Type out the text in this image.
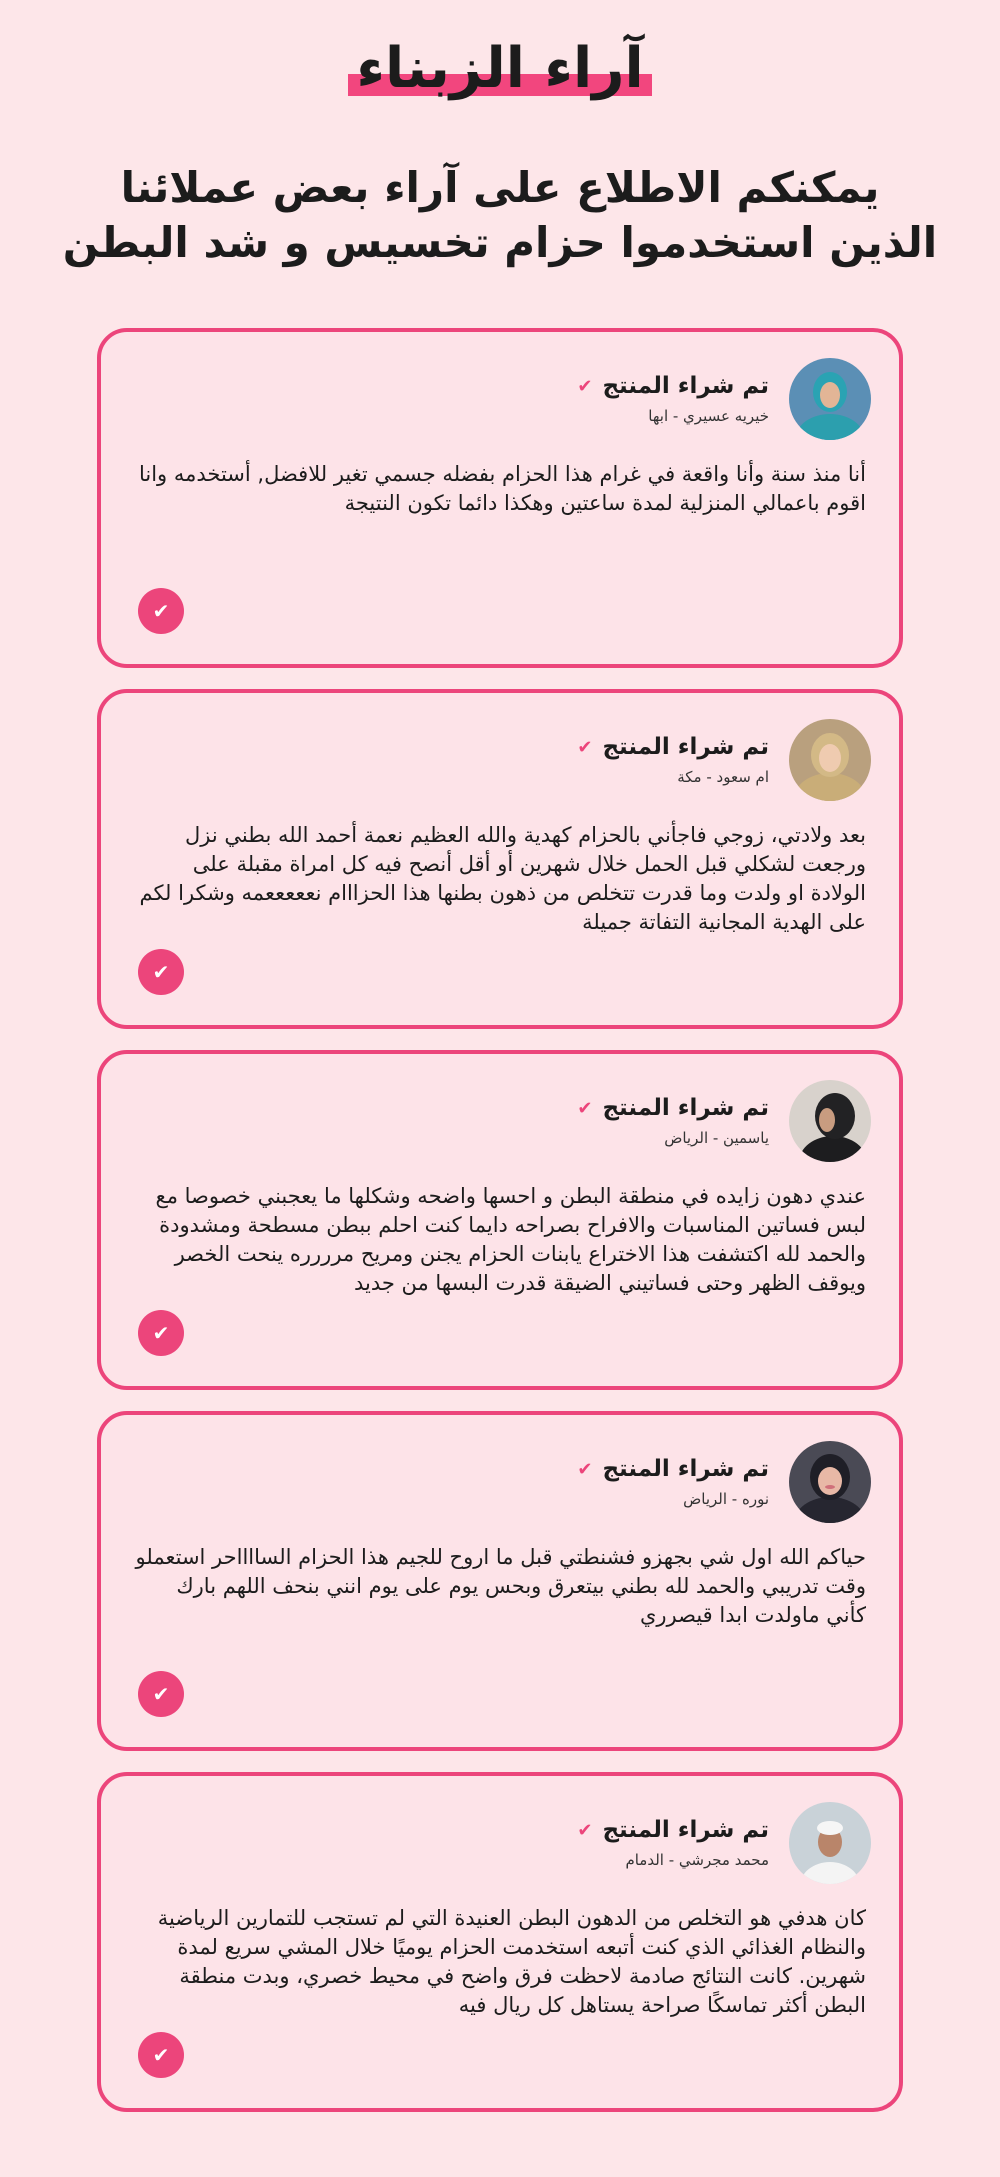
آراء الزبناء
يمكنكم الاطلاع على آراء بعض عملائنا الذين استخدموا حزام تخسيس و شد البطن
تم شراء المنتج
✔
خيريه عسيري - ابها

أنا منذ سنة وأنا واقعة في غرام هذا الحزام بفضله جسمي تغير للافضل, أستخدمه وانا اقوم باعمالي المنزلية لمدة ساعتين وهكذا دائما تكون النتيجة

✔
تم شراء المنتج
✔
ام سعود - مكة

بعد ولادتي، زوجي فاجأني بالحزام كهدية والله العظيم نعمة أحمد الله بطني نزل ورجعت لشكلي قبل الحمل خلال شهرين أو أقل أنصح فيه كل امراة مقبلة على الولادة او ولدت وما قدرت تتخلص من ذهون بطنها هذا الحزااام نعععععمه وشكرا لكم على الهدية المجانية التفاتة جميلة

✔
تم شراء المنتج
✔
ياسمين - الرياض

عندي دهون زايده في منطقة البطن و احسها واضحه وشكلها ما يعجبني خصوصا مع لبس فساتين المناسبات والافراح بصراحه دايما كنت احلم ببطن مسطحة ومشدودة والحمد لله اكتشفت هذا الاختراع يابنات الحزام يجنن ومريح مرررره ينحت الخصر ويوقف الظهر وحتى فساتيني الضيقة قدرت البسها من جديد

✔
تم شراء المنتج
✔
نوره - الرياض

حياكم الله اول شي بجهزو فشنطتي قبل ما اروح للجيم هذا الحزام السااااحر استعملو وقت تدريبي والحمد لله بطني بيتعرق وبحس يوم على يوم انني بنحف اللهم بارك كأني ماولدت ابدا قيصرري

✔
تم شراء المنتج
✔
محمد مجرشي - الدمام

كان هدفي هو التخلص من الدهون البطن العنيدة التي لم تستجب للتمارين الرياضية والنظام الغذائي الذي كنت أتبعه استخدمت الحزام يوميًا خلال المشي سريع لمدة شهرين. كانت النتائج صادمة لاحظت فرق واضح في محيط خصري، وبدت منطقة البطن أكثر تماسكًا صراحة يستاهل كل ريال فيه

✔
